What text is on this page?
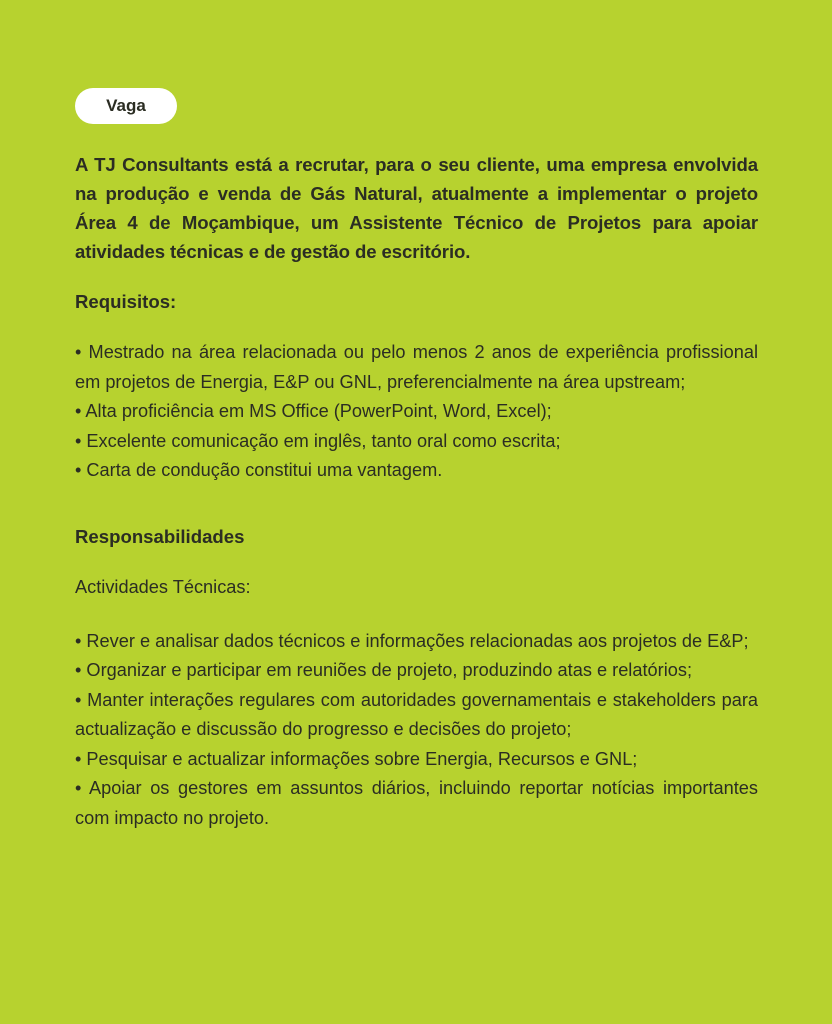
Vaga
A TJ Consultants está a recrutar, para o seu cliente, uma empresa envolvida na produção e venda de Gás Natural, atualmente a implementar o projeto Área 4 de Moçambique, um Assistente Técnico de Projetos para apoiar atividades técnicas e de gestão de escritório.
Requisitos:
• Mestrado na área relacionada ou pelo menos 2 anos de experiência profissional em projetos de Energia, E&P ou GNL, preferencialmente na área upstream;
• Alta proficiência em MS Office (PowerPoint, Word, Excel);
• Excelente comunicação em inglês, tanto oral como escrita;
• Carta de condução constitui uma vantagem.
Responsabilidades
Actividades Técnicas:
• Rever e analisar dados técnicos e informações relacionadas aos projetos de E&P;
• Organizar e participar em reuniões de projeto, produzindo atas e relatórios;
• Manter interações regulares com autoridades governamentais e stakeholders para actualização e discussão do progresso e decisões do projeto;
• Pesquisar e actualizar informações sobre Energia, Recursos e GNL;
• Apoiar os gestores em assuntos diários, incluindo reportar notícias importantes com impacto no projeto.
